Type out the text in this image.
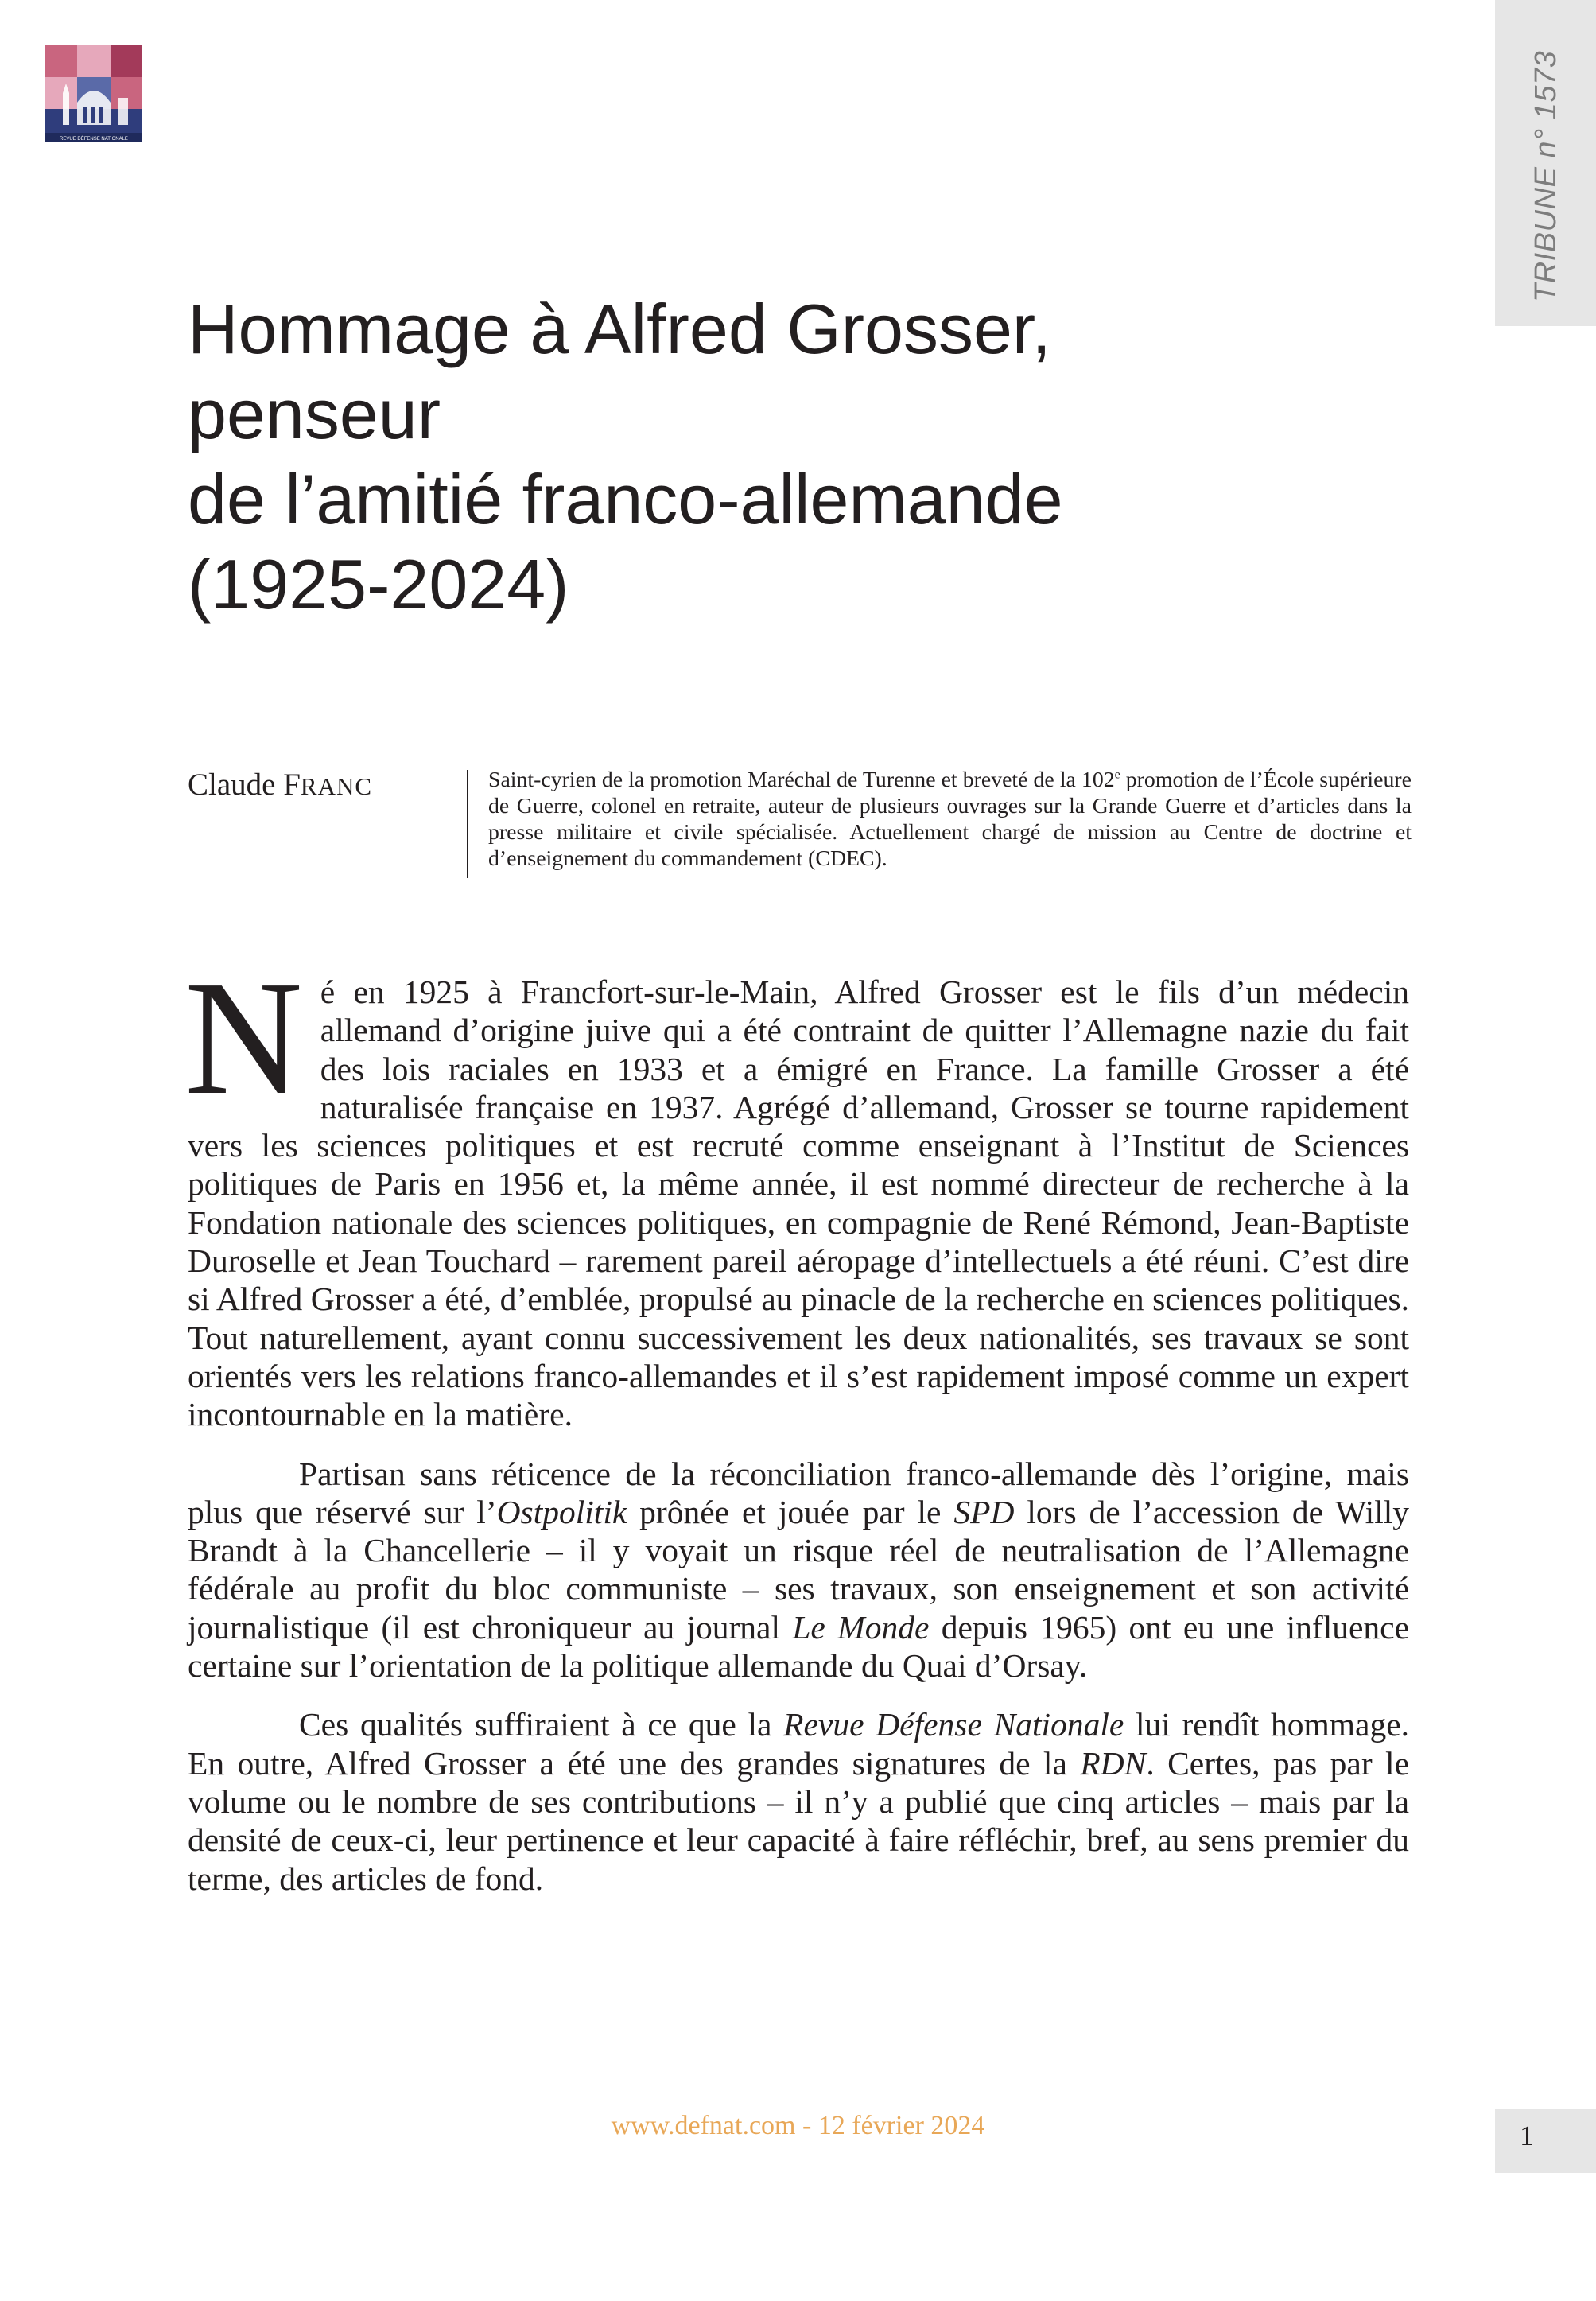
REVUE DÉFENSE NATIONALE	TRIBUNE n° 1573
Hommage à Alfred Grosser,
penseur
de l’amitié franco-allemande
(1925-2024)
Claude FRANC	Saint-cyrien de la promotion Maréchal de Turenne et breveté de la 102e promotion de l’École supérieure de Guerre, colonel en retraite, auteur de plusieurs ouvrages sur la Grande Guerre et d’articles dans la presse militaire et civile spécialisée. Actuellement chargé de mission au Centre de doctrine et d’enseignement du commandement (CDEC).

Né en 1925 à Francfort-sur-le-Main, Alfred Grosser est le fils d’un médecin allemand d’origine juive qui a été contraint de quitter l’Allemagne nazie du fait des lois raciales en 1933 et a émigré en France. La famille Grosser a été naturalisée française en 1937. Agrégé d’allemand, Grosser se tourne rapidement vers les sciences politiques et est recruté comme enseignant à l’Institut de Sciences politiques de Paris en 1956 et, la même année, il est nommé directeur de recherche à la Fondation nationale des sciences politiques, en compagnie de René Rémond, Jean-Baptiste Duroselle et Jean Touchard – rarement pareil aéropage d’intellectuels a été réuni. C’est dire si Alfred Grosser a été, d’emblée, propulsé au pinacle de la recherche en sciences politiques. Tout naturellement, ayant connu successivement les deux nationalités, ses travaux se sont orientés vers les relations franco-allemandes et il s’est rapidement imposé comme un expert incontournable en la matière.

Partisan sans réticence de la réconciliation franco-allemande dès l’origine, mais plus que réservé sur l’Ostpolitik prônée et jouée par le SPD lors de l’accession de Willy Brandt à la Chancellerie – il y voyait un risque réel de neutralisation de l’Allemagne fédérale au profit du bloc communiste – ses travaux, son enseignement et son activité journalistique (il est chroniqueur au journal Le Monde depuis 1965) ont eu une influence certaine sur l’orientation de la politique allemande du Quai d’Orsay.

Ces qualités suffiraient à ce que la Revue Défense Nationale lui rendît hommage. En outre, Alfred Grosser a été une des grandes signatures de la RDN. Certes, pas par le volume ou le nombre de ses contributions – il n’y a publié que cinq articles – mais par la densité de ceux-ci, leur pertinence et leur capacité à faire réfléchir, bref, au sens premier du terme, des articles de fond.

www.defnat.com - 12 février 2024	1
